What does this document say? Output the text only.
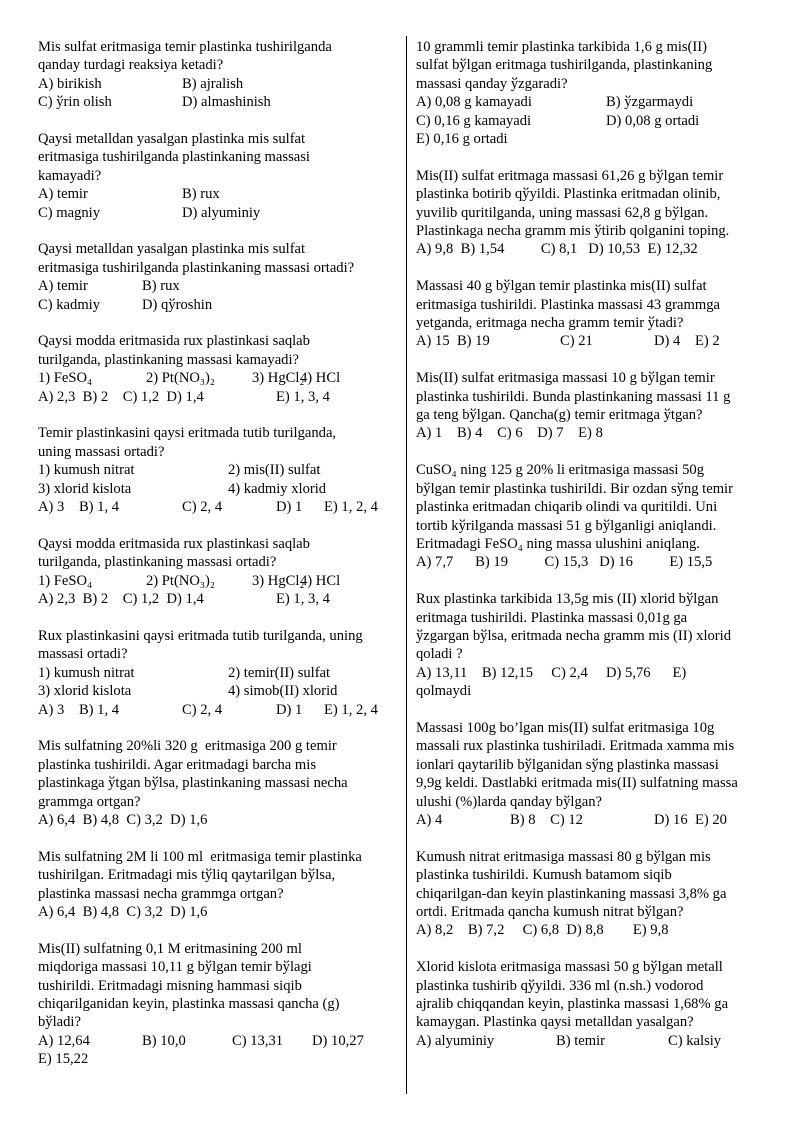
Mis sulfat eritmasiga temir plastinka tushirilganda
qanday turdagi reaksiya ketadi?
A) birikish	B) ajralish
C) ўrin olish	D) almashinish
Qaysi metalldan yasalgan plastinka mis sulfat
eritmasiga tushirilganda plastinkaning massasi
kamayadi?
A) temir	B) rux
C) magniy	D) alyuminiy
Qaysi metalldan yasalgan plastinka mis sulfat
eritmasiga tushirilganda plastinkaning massasi ortadi?
A) temir	B) rux
C) kadmiy	D) qўroshin
Qaysi modda eritmasida rux plastinkasi saqlab
turilganda, plastinkaning massasi kamayadi?
1) FeSO₄	2) Pt(NO₃)₂	3) HgCl₂
4) HCl
A) 2,3  B) 2    C) 1,2  D) 1,4	E) 1, 3, 4
Temir plastinkasini qaysi eritmada tutib turilganda,
uning massasi ortadi?
1) kumush nitrat	2) mis(II) sulfat
3) xlorid kislota	4) kadmiy xlorid
A) 3    B) 1, 4	C) 2, 4	D) 1	E) 1, 2, 4
Qaysi modda eritmasida rux plastinkasi saqlab
turilganda, plastinkaning massasi ortadi?
1) FeSO₄	2) Pt(NO₃)₂	3) HgCl₂
4) HCl
A) 2,3  B) 2    C) 1,2  D) 1,4	E) 1, 3, 4
Rux plastinkasini qaysi eritmada tutib turilganda, uning
massasi ortadi?
1) kumush nitrat	2) temir(II) sulfat
3) xlorid kislota	4) simob(II) xlorid
A) 3    B) 1, 4	C) 2, 4	D) 1	E) 1, 2, 4
Mis sulfatning 20%li 320 g  eritmasiga 200 g temir
plastinka tushirildi. Agar eritmadagi barcha mis
plastinkaga ўtgan bўlsa, plastinkaning massasi necha
grammga ortgan?
A) 6,4  B) 4,8  C) 3,2  D) 1,6
Mis sulfatning 2M li 100 ml  eritmasiga temir plastinka
tushirilgan. Eritmadagi mis tўliq qaytarilgan bўlsa,
plastinka massasi necha grammga ortgan?
A) 6,4  B) 4,8  C) 3,2  D) 1,6
Mis(II) sulfatning 0,1 M eritmasining 200 ml
miqdoriga massasi 10,11 g bўlgan temir bўlagi
tushirildi. Eritmadagi misning hammasi siqib
chiqarilganidan keyin, plastinka massasi qancha (g)
bўladi?
A) 12,64	B) 10,0	C) 13,31	D) 10,27
E) 15,22
10 grammli temir plastinka tarkibida 1,6 g mis(II)
sulfat bўlgan eritmaga tushirilganda, plastinkaning
massasi qanday ўzgaradi?
A) 0,08 g kamayadi	B) ўzgarmaydi
C) 0,16 g kamayadi	D) 0,08 g ortadi
E) 0,16 g ortadi
Mis(II) sulfat eritmaga massasi 61,26 g bўlgan temir
plastinka botirib qўyildi. Plastinka eritmadan olinib,
yuvilib quritilganda, uning massasi 62,8 g bўlgan.
Plastinkaga necha gramm mis ўtirib qolganini toping.
A) 9,8  B) 1,54          C) 8,1   D) 10,53  E) 12,32
Massasi 40 g bўlgan temir plastinka mis(II) sulfat
eritmasiga tushirildi. Plastinka massasi 43 grammga
yetganda, eritmaga necha gramm temir ўtadi?
A) 15  B) 19	C) 21	D) 4    E) 2
Mis(II) sulfat eritmasiga massasi 10 g bўlgan temir
plastinka tushirildi. Bunda plastinkaning massasi 11 g
ga teng bўlgan. Qancha(g) temir eritmaga ўtgan?
A) 1    B) 4    C) 6    D) 7    E) 8
CuSO₄ ning 125 g 20% li eritmasiga massasi 50g
bўlgan temir plastinka tushirildi. Bir ozdan sўng temir
plastinka eritmadan chiqarib olindi va quritildi. Uni
tortib kўrilganda massasi 51 g bўlganligi aniqlandi.
Eritmadagi FeSO₄ ning massa ulushini aniqlang.
A) 7,7      B) 19          C) 15,3   D) 16          E) 15,5
Rux plastinka tarkibida 13,5g mis (II) xlorid bўlgan
eritmaga tushirildi. Plastinka massasi 0,01g ga
ўzgargan bўlsa, eritmada necha gramm mis (II) xlorid
qoladi ?
A) 13,11    B) 12,15     C) 2,4     D) 5,76      E)
qolmaydi
Massasi 100g bo’lgan mis(II) sulfat eritmasiga 10g
massali rux plastinka tushiriladi. Eritmada xamma mis
ionlari qaytarilib bўlganidan sўng plastinka massasi
9,9g keldi. Dastlabki eritmada mis(II) sulfatning massa
ulushi (%)larda qanday bўlgan?
A) 4	B) 8    C) 12	D) 16  E) 20
Kumush nitrat eritmasiga massasi 80 g bўlgan mis
plastinka tushirildi. Kumush batamom siqib
chiqarilgan-dan keyin plastinkaning massasi 3,8% ga
ortdi. Eritmada qancha kumush nitrat bўlgan?
A) 8,2    B) 7,2     C) 6,8  D) 8,8        E) 9,8
Xlorid kislota eritmasiga massasi 50 g bўlgan metall
plastinka tushirib qўyildi. 336 ml (n.sh.) vodorod
ajralib chiqqandan keyin, plastinka massasi 1,68% ga
kamaygan. Plastinka qaysi metalldan yasalgan?
A) alyuminiy	B) temir	C) kalsiy
